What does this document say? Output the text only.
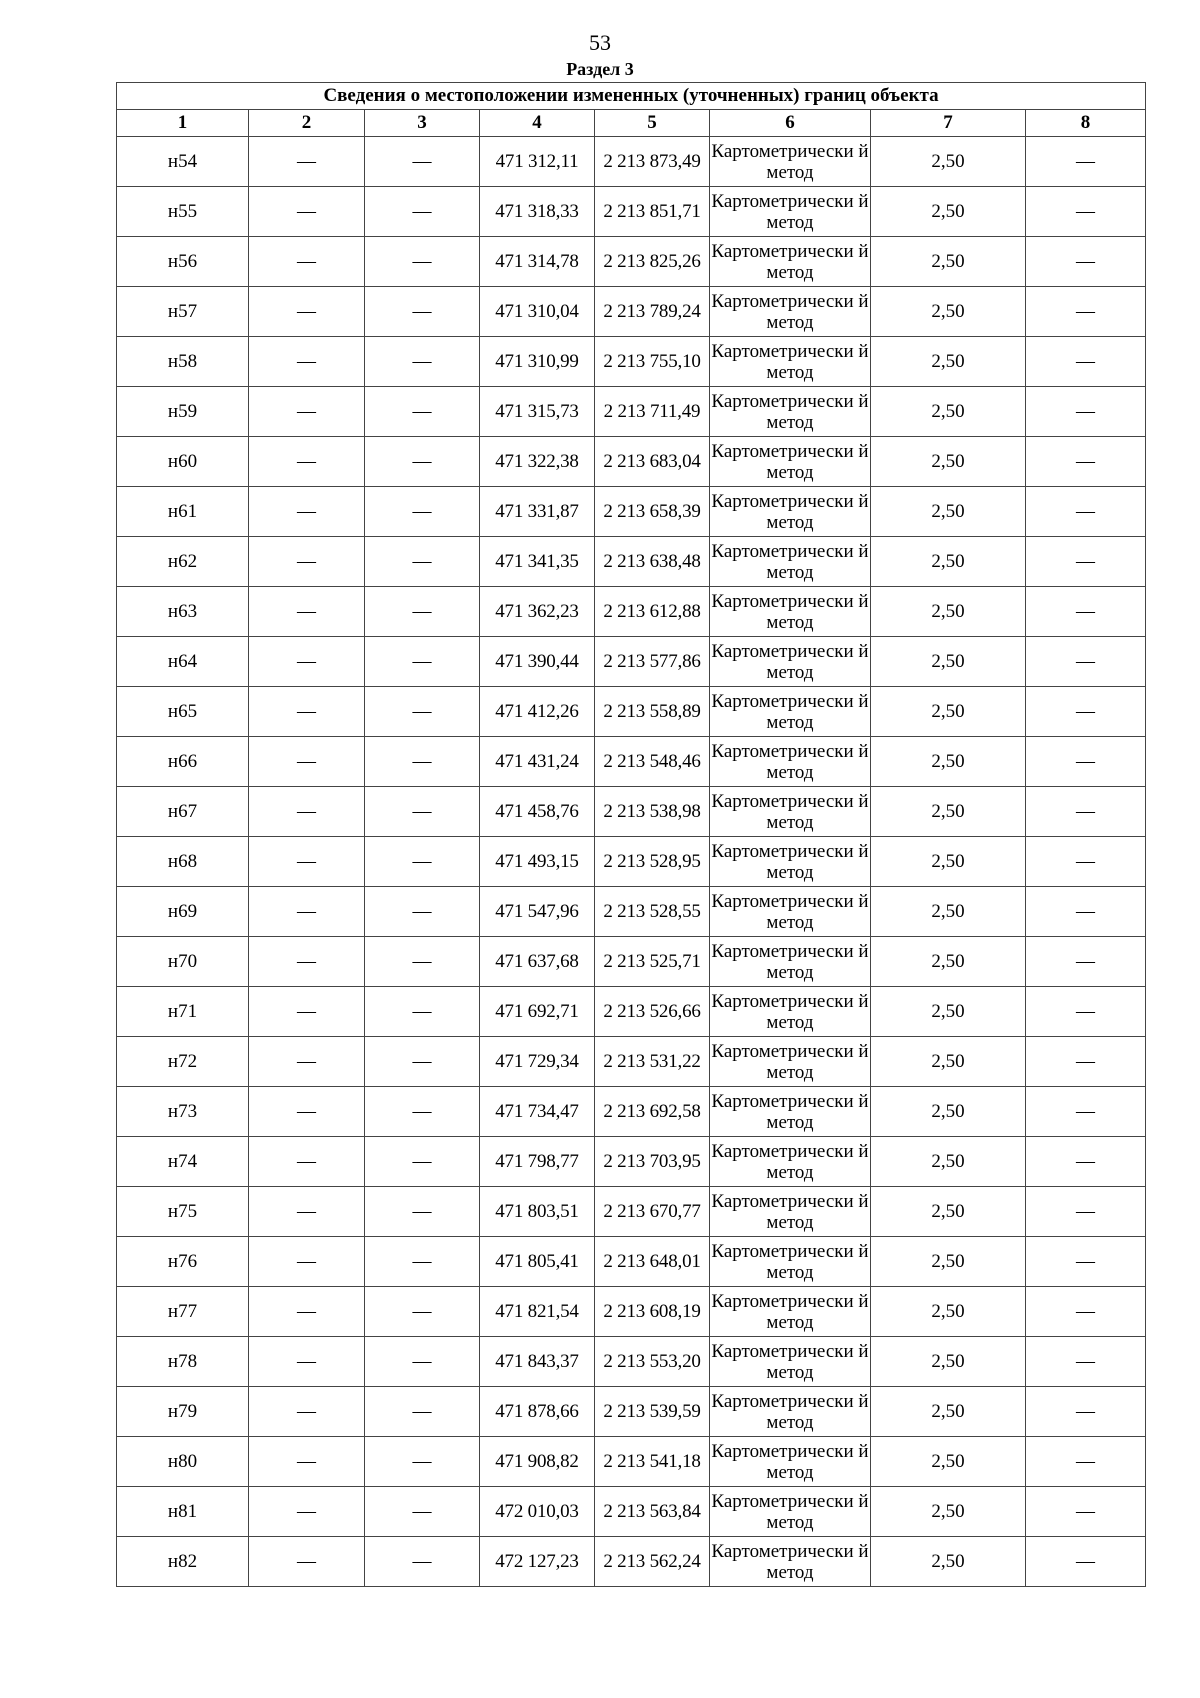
53
Раздел 3
Сведения о местоположении измененных (уточненных) границ объекта							
1	2	3	4	5	6	7	8
н54	—	—	471 312,11	2 213 873,49	Картометрически й метод	2,50	—
н55	—	—	471 318,33	2 213 851,71	Картометрически й метод	2,50	—
н56	—	—	471 314,78	2 213 825,26	Картометрически й метод	2,50	—
н57	—	—	471 310,04	2 213 789,24	Картометрически й метод	2,50	—
н58	—	—	471 310,99	2 213 755,10	Картометрически й метод	2,50	—
н59	—	—	471 315,73	2 213 711,49	Картометрически й метод	2,50	—
н60	—	—	471 322,38	2 213 683,04	Картометрически й метод	2,50	—
н61	—	—	471 331,87	2 213 658,39	Картометрически й метод	2,50	—
н62	—	—	471 341,35	2 213 638,48	Картометрически й метод	2,50	—
н63	—	—	471 362,23	2 213 612,88	Картометрически й метод	2,50	—
н64	—	—	471 390,44	2 213 577,86	Картометрически й метод	2,50	—
н65	—	—	471 412,26	2 213 558,89	Картометрически й метод	2,50	—
н66	—	—	471 431,24	2 213 548,46	Картометрически й метод	2,50	—
н67	—	—	471 458,76	2 213 538,98	Картометрически й метод	2,50	—
н68	—	—	471 493,15	2 213 528,95	Картометрически й метод	2,50	—
н69	—	—	471 547,96	2 213 528,55	Картометрически й метод	2,50	—
н70	—	—	471 637,68	2 213 525,71	Картометрически й метод	2,50	—
н71	—	—	471 692,71	2 213 526,66	Картометрически й метод	2,50	—
н72	—	—	471 729,34	2 213 531,22	Картометрически й метод	2,50	—
н73	—	—	471 734,47	2 213 692,58	Картометрически й метод	2,50	—
н74	—	—	471 798,77	2 213 703,95	Картометрически й метод	2,50	—
н75	—	—	471 803,51	2 213 670,77	Картометрически й метод	2,50	—
н76	—	—	471 805,41	2 213 648,01	Картометрически й метод	2,50	—
н77	—	—	471 821,54	2 213 608,19	Картометрически й метод	2,50	—
н78	—	—	471 843,37	2 213 553,20	Картометрически й метод	2,50	—
н79	—	—	471 878,66	2 213 539,59	Картометрически й метод	2,50	—
н80	—	—	471 908,82	2 213 541,18	Картометрически й метод	2,50	—
н81	—	—	472 010,03	2 213 563,84	Картометрически й метод	2,50	—
н82	—	—	472 127,23	2 213 562,24	Картометрически й метод	2,50	—
